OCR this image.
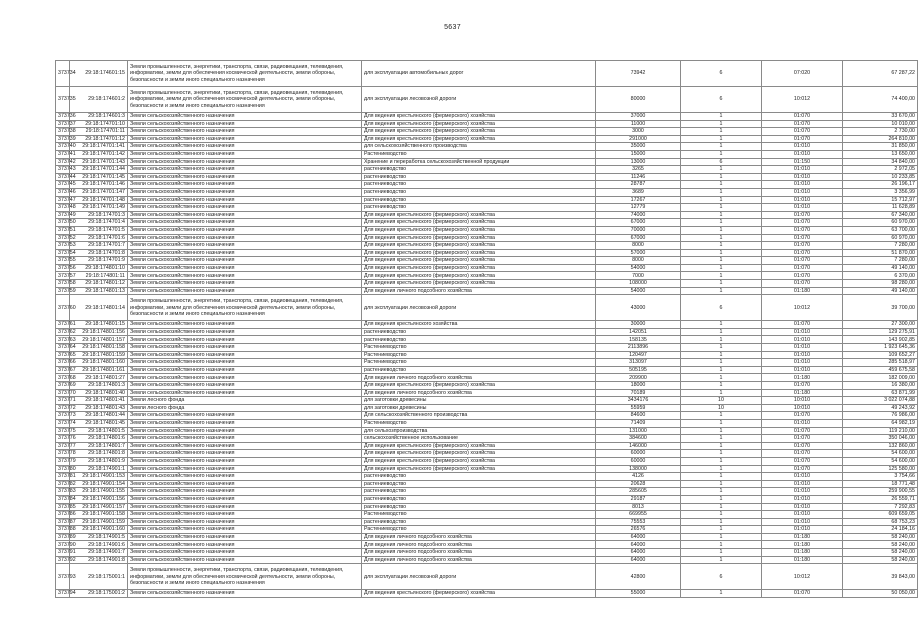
5637
373734	29:18:174601:15	Земли промышленности, энергетики, транспорта, связи, радиовещания, телевидения, информатики, земли для обеспечения космической деятельности, земли обороны, безопасности и земли иного специального назначения	для эксплуатации автомобильных дорог	73942	6	07:020	67 287,22
373735	29:18:174601:2	Земли промышленности, энергетики, транспорта, связи, радиовещания, телевидения, информатики, земли для обеспечения космической деятельности, земли обороны, безопасности и земли иного специального назначения	для эксплуатации лесовозной дороги	80000	6	10:012	74 400,00
373736	29:18:174601:3	Земли сельскохозяйственного назначения	Для ведения крестьянского (фермерского) хозяйства	37000	1	01:070	33 670,00
373737	29:18:174701:10	Земли сельскохозяйственного назначения	Для ведения крестьянского (фермерского) хозяйства	11000	1	01:070	10 010,00
373738	29:18:174701:11	Земли сельскохозяйственного назначения	Для ведения крестьянского (фермерского) хозяйства	3000	1	01:070	2 730,00
373739	29:18:174701:12	Земли сельскохозяйственного назначения	Для ведения крестьянского (фермерского) хозяйства	291000	1	01:070	264 810,00
373740	29:18:174701:141	Земли сельскохозяйственного назначения	для сельскохозяйственного производства	35000	1	01:010	31 850,00
373741	29:18:174701:142	Земли сельскохозяйственного назначения	Растениеводство	15000	1	01:010	13 650,00
373742	29:18:174701:143	Земли сельскохозяйственного назначения	Хранение и переработка сельскохозяйственной продукции	13000	6	01:150	34 840,00
373743	29:18:174701:144	Земли сельскохозяйственного назначения	растениеводство	3265	1	01:010	2 972,05
373744	29:18:174701:145	Земли сельскохозяйственного назначения	растениеводство	11246	1	01:010	10 233,85
373745	29:18:174701:146	Земли сельскохозяйственного назначения	растениеводство	28787	1	01:010	26 196,17
373746	29:18:174701:147	Земли сельскохозяйственного назначения	растениеводство	3689	1	01:010	3 356,99
373747	29:18:174701:148	Земли сельскохозяйственного назначения	растениеводство	17267	1	01:010	15 712,97
373748	29:18:174701:149	Земли сельскохозяйственного назначения	растениеводство	12779	1	01:010	11 628,89
373749	29:18:174701:3	Земли сельскохозяйственного назначения	Для ведения крестьянского (фермерского) хозяйства	74000	1	01:070	67 340,00
373750	29:18:174701:4	Земли сельскохозяйственного назначения	Для ведения крестьянского (фермерского) хозяйства	67000	1	01:070	60 970,00
373751	29:18:174701:5	Земли сельскохозяйственного назначения	Для ведения крестьянского (фермерского) хозяйства	70000	1	01:070	63 700,00
373752	29:18:174701:6	Земли сельскохозяйственного назначения	Для ведения крестьянского (фермерского) хозяйства	67000	1	01:070	60 970,00
373753	29:18:174701:7	Земли сельскохозяйственного назначения	Для ведения крестьянского (фермерского) хозяйства	8000	1	01:070	7 280,00
373754	29:18:174701:8	Земли сельскохозяйственного назначения	Для ведения крестьянского (фермерского) хозяйства	57000	1	01:070	51 870,00
373755	29:18:174701:9	Земли сельскохозяйственного назначения	Для ведения крестьянского (фермерского) хозяйства	8000	1	01:070	7 280,00
373756	29:18:174801:10	Земли сельскохозяйственного назначения	Для ведения крестьянского (фермерского) хозяйства	54000	1	01:070	49 140,00
373757	29:18:174801:11	Земли сельскохозяйственного назначения	Для ведения крестьянского (фермерского) хозяйства	7000	1	01:070	6 370,00
373758	29:18:174801:12	Земли сельскохозяйственного назначения	Для ведения крестьянского (фермерского) хозяйства	108000	1	01:070	98 280,00
373759	29:18:174801:13	Земли сельскохозяйственного назначения	Для ведения личного подсобного хозяйства	54000	1	01:180	49 140,00
373760	29:18:174801:14	Земли промышленности, энергетики, транспорта, связи, радиовещания, телевидения, информатики, земли для обеспечения космической деятельности, земли обороны, безопасности и земли иного специального назначения	для эксплуатации лесовозной дороги	43000	6	10:012	39 700,00
373761	29:18:174801:15	Земли сельскохозяйственного назначения	Для ведения крестьянского хозяйства	30000	1	01:070	27 300,00
373762	29:18:174801:156	Земли сельскохозяйственного назначения	растениеводство	142051	1	01:010	129 275,91
373763	29:18:174801:157	Земли сельскохозяйственного назначения	растениеводство	158135	1	01:010	143 902,85
373764	29:18:174801:158	Земли сельскохозяйственного назначения	Растениеводство	2113896	1	01:010	1 923 645,36
373765	29:18:174801:159	Земли сельскохозяйственного назначения	Растениеводство	120497	1	01:010	109 652,27
373766	29:18:174801:160	Земли сельскохозяйственного назначения	Растениеводство	313097	1	01:010	285 518,97
373767	29:18:174801:161	Земли сельскохозяйственного назначения	растениеводство	505195	1	01:010	459 675,58
373768	29:18:174801:27	Земли сельскохозяйственного назначения	Для ведения личного подсобного хозяйства	209900	1	01:180	182 009,00
373769	29:18:174801:3	Земли сельскохозяйственного назначения	Для ведения крестьянского (фермерского) хозяйства	18000	1	01:070	16 380,00
373770	29:18:174801:40	Земли сельскохозяйственного назначения	Для ведения личного подсобного хозяйства	70189	1	01:180	63 871,99
373771	29:18:174801:41	Земли лесного фонда	для заготовки древесины	3434176	10	10:010	3 022 074,88
373772	29:18:174801:43	Земли лесного фонда	для заготовки древесины	55959	10	10:010	49 243,92
373773	29:18:174801:44	Земли сельскохозяйственного назначения	Для сельскохозяйственного производства	84600	1	01:070	76 986,00
373774	29:18:174801:45	Земли сельскохозяйственного назначения	Растениеводство	71409	1	01:010	64 982,19
373775	29:18:174801:5	Земли сельскохозяйственного назначения	для сельхозпроизводства	131000	1	01:070	119 210,00
373776	29:18:174801:6	Земли сельскохозяйственного назначения	сельскохозяйственное использование	384600	1	01:070	350 046,00
373777	29:18:174801:7	Земли сельскохозяйственного назначения	Для ведения крестьянского (фермерского) хозяйства	146000	1	01:070	132 860,00
373778	29:18:174801:8	Земли сельскохозяйственного назначения	Для ведения крестьянского (фермерского) хозяйства	60000	1	01:070	54 600,00
373779	29:18:174801:9	Земли сельскохозяйственного назначения	Для ведения крестьянского (фермерского) хозяйства	60000	1	01:070	54 600,00
373780	29:18:174901:1	Земли сельскохозяйственного назначения	Для ведения крестьянского (фермерского) хозяйства	138000	1	01:070	125 580,00
373781	29:18:174901:153	Земли сельскохозяйственного назначения	растениеводство	4126	1	01:010	3 754,66
373782	29:18:174901:154	Земли сельскохозяйственного назначения	растениеводство	20628	1	01:010	18 771,48
373783	29:18:174901:155	Земли сельскохозяйственного назначения	растениеводство	285605	1	01:010	259 900,55
373784	29:18:174901:156	Земли сельскохозяйственного назначения	растениеводство	29187	1	01:010	26 559,71
373785	29:18:174901:157	Земли сельскохозяйственного назначения	растениеводство	8013	1	01:010	7 292,83
373786	29:18:174901:158	Земли сельскохозяйственного назначения	Растениеводство	669955	1	01:010	609 659,05
373787	29:18:174901:159	Земли сельскохозяйственного назначения	растениеводство	75553	1	01:010	68 753,23
373788	29:18:174901:160	Земли сельскохозяйственного назначения	Растениеводство	26576	1	01:010	24 184,16
373789	29:18:174901:5	Земли сельскохозяйственного назначения	Для ведения личного подсобного хозяйства	64000	1	01:180	58 240,00
373790	29:18:174901:6	Земли сельскохозяйственного назначения	Для ведения личного подсобного хозяйства	64000	1	01:180	58 240,00
373791	29:18:174901:7	Земли сельскохозяйственного назначения	Для ведения личного подсобного хозяйства	64000	1	01:180	58 240,00
373792	29:18:174901:8	Земли сельскохозяйственного назначения	Для ведения личного подсобного хозяйства	64000	1	01:180	58 240,00
373793	29:18:175001:1	Земли промышленности, энергетики, транспорта, связи, радиовещания, телевидения, информатики, земли для обеспечения космической деятельности, земли обороны, безопасности и земли иного специального назначения	для эксплуатации лесовозной дороги	42800	6	10:012	39 843,00
373794	29:18:175001:2	Земли сельскохозяйственного назначения	Для ведения крестьянского (фермерского) хозяйства	55000	1	01:070	50 050,00
